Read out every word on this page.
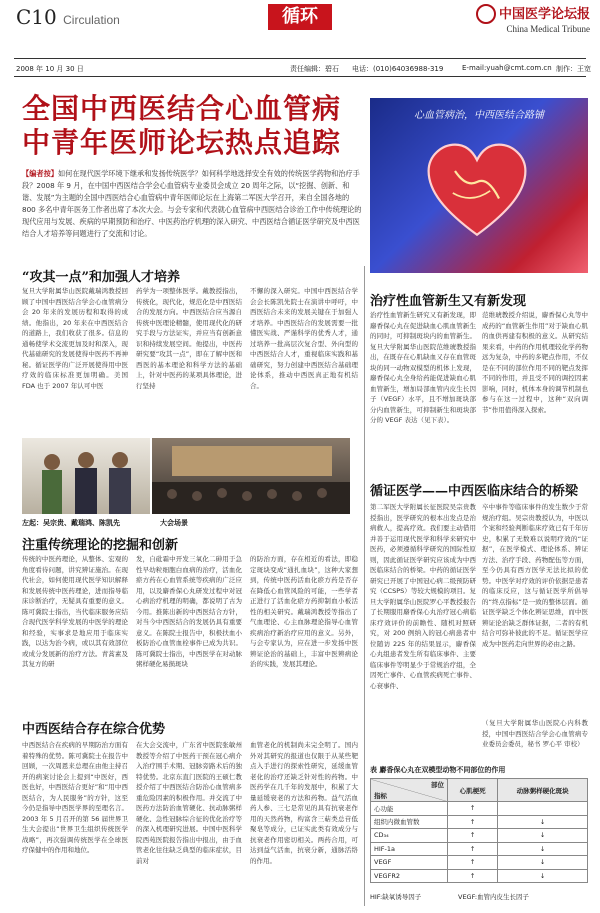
C10 Circulation	循环	中国医学论坛报
China Medical Tribune
2008 年 10 月 30 日	责任编辑：碧石 电话：(010)64036988-319	E-mail:yuah@cmt.com.cn 制作：王宽
全国中西医结合心血管病
中青年医师论坛热点追踪
心血管病治，中西医结合路铺
【编者按】如何在现代医学环境下继承和发扬传统医学？如何科学地选择安全有效的传统医学药物和治疗手段？2008 年 9 月，在中国中西医结合学会心血管病专业委员会成立 20 周年之际，以“挖掘、创新、和谐、发展”为主题的全国中西医结合心血管病中青年医师论坛在上海第二军医大学召开，来自全国各地的 800 多名中青年医务工作者出席了本次大会。与会专家和代表就心血管病中西医结合诊治工作中传统理论的现代应用与发展、疾病的早期预防和治疗、中医药治疗机理的深入研究、中西医结合循证医学研究及中西医结合人才培养等问题进行了交流和讨论。
“攻其一点”和加强人才培养
复旦大学附属华山医院戴瑞鸿教授回顾了中国中西医结合学会心血管病分会 20 年来的发展历程和取得的成绩。他指出，20 年来在中西医结合的道路上，我们收获了很多。信息的通畅使学术交流更加及时和深入，现代基础研究的发展使得中医药不再神秘。循证医学的广泛开展使得用中医疗效的临床标准更加明确。美国 FDA 也于 2007 年认可中医
药学为一项整体医学。戴教授指出，传统化，现代化，规范化是中西医结合的发展方向。中西医结合应当源自传统中医理论精髓，使用现代化的研究手段与方法证实，并应当有创新意识和持续发展空间。他提出，中医药研究要“攻其一点”，即在了解中医和西医的基本理论和科学方法的基础上，针对中医药的某项具体理论，进行坚持
不懈的深入研究。中国中西医结合学会会长陈凯先院士在演讲中呼吁，中西医结合未来的发展关键在于加强人才培养。中西医结合的发展需要一批懂医实战、严谨科学的优秀人才，通过培养一批高层次复合型、外向型的中西医结合人才，重视临床实践和基础研究，努力创建中西医结合基础理论体系，推动中西医真正地有机结合。
左起：吴宗贵、戴瑞鸿、陈凯先	大会场景
注重传统理论的挖掘和创新
传统的中医药理论，从整体、宏观的角度看待问题，讲究辨证施治。在现代社会，如何使用现代医学知识解释和发展传统中医药理论，进而指导临床诊断治疗，无疑具有重要的意义。陈可冀院士指出，当代临床服务应结合现代医学科学发展的中医学的理论和经验，实事求是地应用于临床实践，以达为治今病，或以其有效部位或成分发展新的治疗方法。青蒿素及其复方的研
发，自砒霜中开发三氧化二砷用于急性早幼粒细胞白血病的治疗，活血化瘀方药在心血管系统等疾病的广泛应用，以及麝香保心丸研发过程中对冠心病治疗机理的明确，都说明了古为今用。推陈出新的中西医结合方针，对当今中西医结合的发展仍具有重要意义。在陈院士报告中，积极扶血小板防治心血管血栓事件已成为共识。陈可冀院士指出，中西医学在对动脉粥样硬化易损斑块
的防治方面，存在相近的看法，即稳定斑块变成“通扎血块”，这种大家想到，传统中医药活血化瘀方药是否存在降低心血管风险的可能，一些学者正进行了活血化瘀方药抑制血小板活性的相关研究。戴瑞鸿教授等指出了气血理论、心主血脉理论指导心血管疾病治疗新治疗应用的意义。另外，与会专家认为，应在进一步发扬中医辨证论治的基础上，丰富中医辨病论治的实践，发展其理论。
中西医结合存在综合优势
中西医结合在疾病的早期防治方面有着特殊的优势。陈可冀院士在报告中回顾，一次周恩来总理在由他主持召开的病案讨论会上提到“中医好，西医也好，中西医结合更好”和“用中西医结合，为人民服务”的方针，这至今仍是指导中西医学界的至理名言。2003 年 5 月召开的第 56 届世界卫生大会提出“世界卫生组织传统医学战略”，再次强调传统医学在全球医疗保健中的作用和地位。
在大会交流中，广东省中医院张敏州教授等介绍了中医药干预在冠心病介入治疗围手术期、冠脉旁路术后的独特优势。北京东直门医院的王硕仁教授介绍了中西医结合防治心血管病多重危险因素的积极作用。并交流了中医药方法防治血管硬化、抗动脉粥样硬化、急性冠脉综合征的优化治疗等的深入机理研究进展。中国中医科学院西苑医院报告指出中报出，由于血管老化往往缺乏典型的临床症状，目前对
血管老化的机制尚未完全明了。国内外对其研究的报道也仅限于从某些靶点入手进行的探索性研究，延缓血管老化的治疗还缺乏针对性的药物。中医药学在几千年的发展中，积累了大量延缓衰老的方法和药物。益气活血药人参、三七是常见的具有抗衰老作用的天然药物，构富含三萜类总苷低聚皂等成分，已证实此类有效成分与抗衰老作用密切相关。两药合用，可达到益气活血，抗衰分新，通脉活络的作用。
治疗性血管新生又有新发现
治疗性血管新生研究又有新发现，即麝香保心丸在促进缺血心肌血管新生的同时，可抑制斑块内的血管新生。复旦大学附属华山医院范维琥教授指出，在既存在心肌缺血又存在血管斑块的同一动物双模型的机体上发现，麝香保心丸全身给药能促进缺血心肌血管新生，增加局部血管内皮生长因子（VEGF）水平，且不增加斑块部分内血管新生，可抑制新生和斑块部分的 VEGF 表达（见下表）。
范维琥教授介绍说，麝香保心丸等中成药的“血管新生作用”对于缺血心肌的血供再建有积极的意义。从研究结果来看，中药的作用机理较化学药物远为复杂，中药的多靶点作用，不仅是在不同的部位作用不同的靶点发挥不同的作用，并且受不同的调控因素影响，同时，机体本身的调节机制也参与在这一过程中，这种“双向调节”作用值得深入探索。
循证医学——中西医临床结合的桥梁
第二军医大学附属长征医院吴宗贵教授指出，医学研究的根本出发点是治病救人，提高疗效。我们要主动借用并善于运用现代医学和科学来研究中医药，必须遵循科学研究的国际性原则，因此循证医学研究应该成为中西医临床结合的桥梁。中药的循证医学研究已开展了中国冠心病二级预防研究（CCSPS）等较大规模的项目。复旦大学附属华山医院罗心平教授报告了长期服用麝香保心丸治疗冠心病临床疗效评价的前瞻性、随机对照研究，对 200 例纳入的冠心病患者中位随访 225 年的结果显示，麝香保心丸组患者发生所有临床事件、主要临床事件等明显少于常规治疗组，全因死亡事件、心血管疾病死亡事件、心衰事件、
卒中事件等临床事件的发生数少于常规治疗组。吴宗贵教授认为，中医以个案和经验判断临床疗效已有千年历史，积累了无数难以说明疗效的“证据”，在医学模式、理论体系、辨证方法、治疗手段、药物配伍等方面，至今仍具有西方医学无法比拟的优势。中医学对疗效的评价依据是患者的临床反应，这与循证医学所倡导的“终点指标”是一致的整体层面。循证医学缺乏个体化辨证思维，而中医辨证论治缺乏群体证据，二者的有机结合可弥补彼此的不足。循证医学应成为中医药走向世界的必由之路。
（复旦大学附属华山医院心内科教授，中国中西医结合学会心血管病专业委员会委员，秘书 罗心平 审校）
表 麝香保心丸在双模型动物不同部位的作用
部位
指标	心肌梗死	动脉粥样硬化斑块
心功能	↑	
组织内微血管数	↑	↓
CD₃₄	↑	↓
HIF-1a	↑	↓
VEGF	↑	↓
VEGFR2	↑	↓
HIF:缺氧诱导因子	VEGF:血管内皮生长因子
